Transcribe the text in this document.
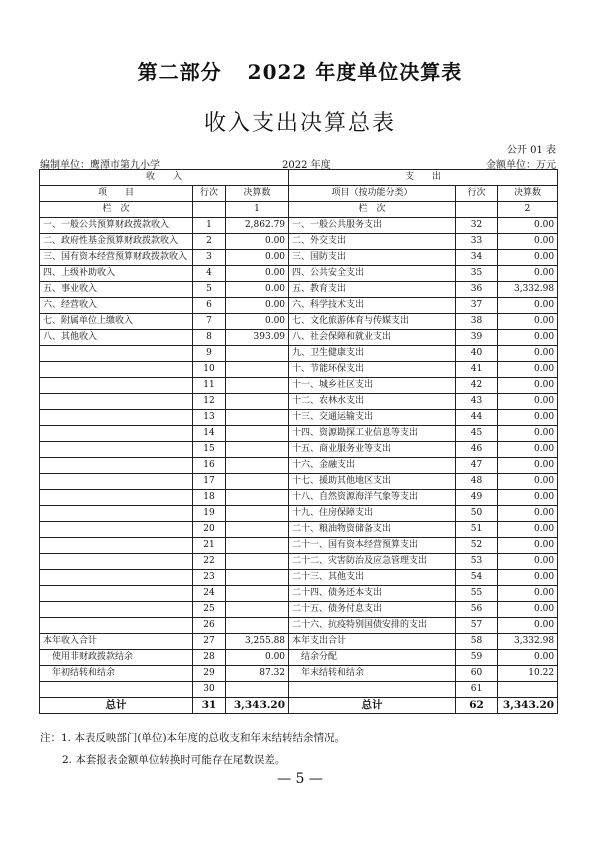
第二部分 2022 年度单位决算表
收入支出决算总表
公开 01 表
编制单位：鹰潭市第九小学	2022 年度	金额单位：万元
收　　入			支　　出		
项　　目	行次	决算数	项目（按功能分类）	行次	决算数
栏　次		1	栏　次		2
一、一般公共预算财政拨款收入	1	2,862.79	一、一般公共服务支出	32	0.00
二、政府性基金预算财政拨款收入	2	0.00	二、外交支出	33	0.00
三、国有资本经营预算财政拨款收入	3	0.00	三、国防支出	34	0.00
四、上级补助收入	4	0.00	四、公共安全支出	35	0.00
五、事业收入	5	0.00	五、教育支出	36	3,332.98
六、经营收入	6	0.00	六、科学技术支出	37	0.00
七、附属单位上缴收入	7	0.00	七、文化旅游体育与传媒支出	38	0.00
八、其他收入	8	393.09	八、社会保障和就业支出	39	0.00
	9		九、卫生健康支出	40	0.00
	10		十、节能环保支出	41	0.00
	11		十一、城乡社区支出	42	0.00
	12		十二、农林水支出	43	0.00
	13		十三、交通运输支出	44	0.00
	14		十四、资源勘探工业信息等支出	45	0.00
	15		十五、商业服务业等支出	46	0.00
	16		十六、金融支出	47	0.00
	17		十七、援助其他地区支出	48	0.00
	18		十八、自然资源海洋气象等支出	49	0.00
	19		十九、住房保障支出	50	0.00
	20		二十、粮油物资储备支出	51	0.00
	21		二十一、国有资本经营预算支出	52	0.00
	22		二十二、灾害防治及应急管理支出	53	0.00
	23		二十三、其他支出	54	0.00
	24		二十四、债务还本支出	55	0.00
	25		二十五、债务付息支出	56	0.00
	26		二十六、抗疫特别国债安排的支出	57	0.00
本年收入合计	27	3,255.88	本年支出合计	58	3,332.98
使用非财政拨款结余	28	0.00	结余分配	59	0.00
年初结转和结余	29	87.32	年末结转和结余	60	10.22
	30			61	
总计	31	3,343.20	总计	62	3,343.20
注：1. 本表反映部门(单位)本年度的总收支和年末结转结余情况。
2. 本套报表金额单位转换时可能存在尾数误差。
— 5 —
